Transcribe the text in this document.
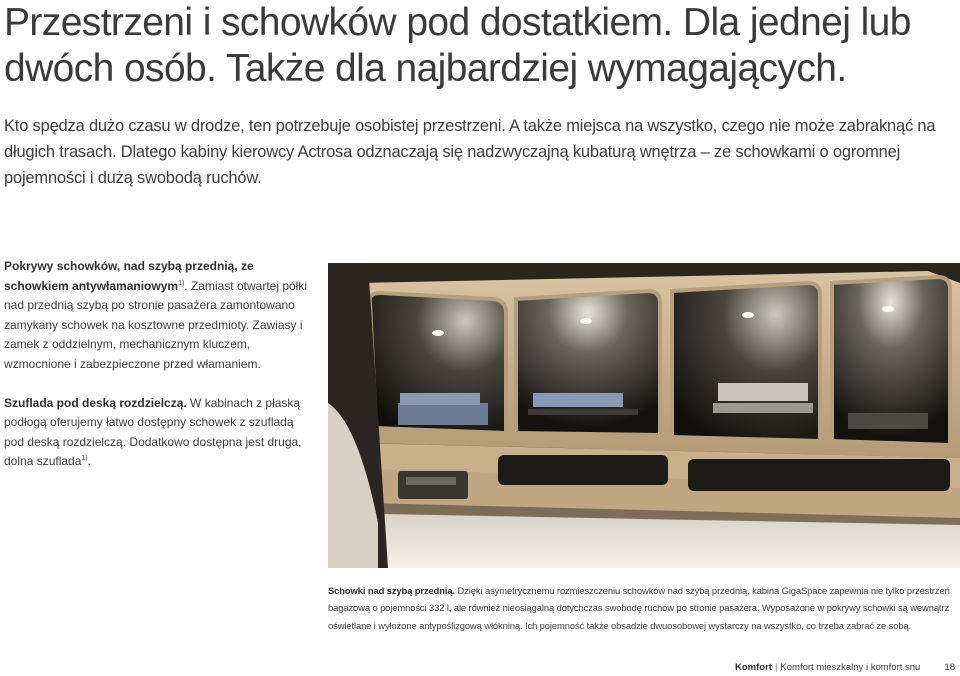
Przestrzeni i schowków pod dostatkiem. Dla jednej lub
dwóch osób. Także dla najbardziej wymagających.

Kto spędza dużo czasu w drodze, ten potrzebuje osobistej przestrzeni. A także miejsca na wszystko, czego nie może zabraknąć na długich trasach. Dlatego kabiny kierowcy Actrosa odznaczają się nadzwyczajną kubaturą wnętrza – ze schowkami o ogromnej pojemności i dużą swobodą ruchów.

Pokrywy schowków, nad szybą przednią, ze schowkiem antywłamaniowym$^{1)}$. Zamiast otwartej półki nad przednią szybą po stronie pasażera zamontowano zamykany schowek na kosztowne przedmioty. Zawiasy i zamek z oddzielnym, mechanicznym kluczem, wzmocnione i zabezpieczone przed włamaniem.

Szuflada pod deską rozdzielczą. W kabinach z płaską podłogą oferujemy łatwo dostępny schowek z szufladą pod deską rozdzielczą. Dodatkowo dostępna jest druga, dolna szuflada$^{1)}$.

Schowki nad szybą przednią. Dzięki asymetrycznemu rozmieszczeniu schowków nad szybą przednią, kabina GigaSpace zapewnia nie tylko przestrzeń bagażową o pojemności 332 l, ale również nieosiągalną dotychczas swobodę ruchów po stronie pasażera. Wyposażone w pokrywy schowki są wewnątrz oświetlane i wyłożone antypoślizgową włókniną. Ich pojemność także obsadzie dwuosobowej wystarczy na wszystko, co trzeba zabrać ze sobą.
Komfort | Komfort mieszkalny i komfort snu	18
